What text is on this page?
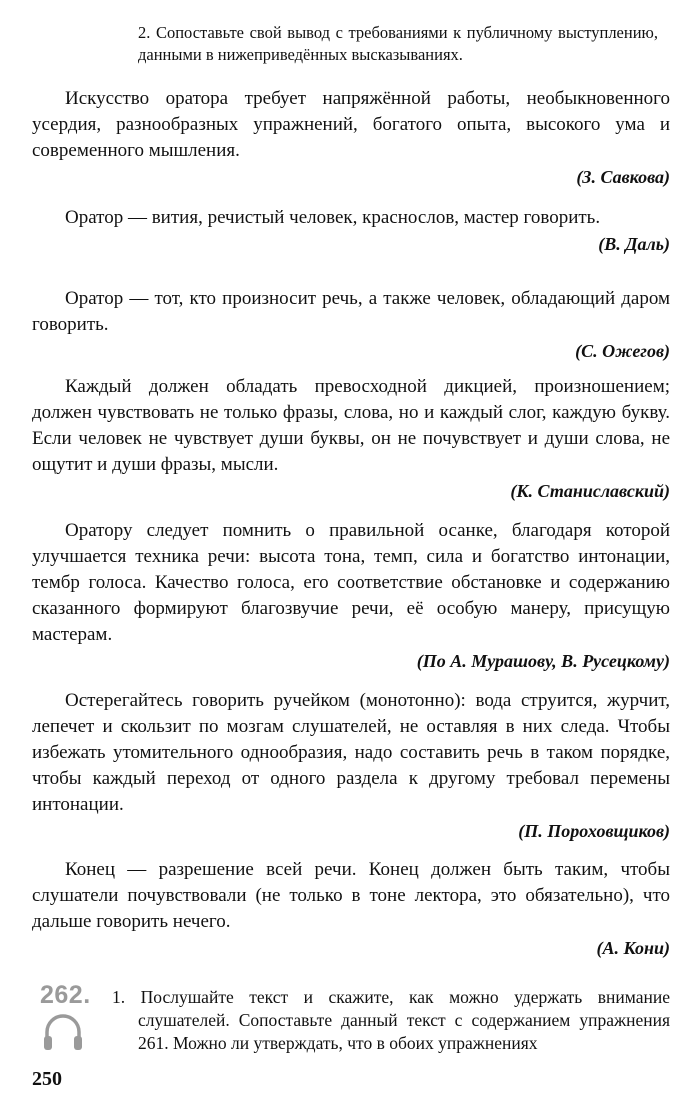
2. Сопоставьте свой вывод с требованиями к публичному выступлению, данными в нижеприведённых высказываниях.
Искусство оратора требует напряжённой работы, необыкновенного усердия, разнообразных упражнений, богатого опыта, высокого ума и современного мышления.
(З. Савкова)
Оратор — вития, речистый человек, краснослов, мастер говорить.
(В. Даль)
Оратор — тот, кто произносит речь, а также человек, обладающий даром говорить.
(С. Ожегов)
Каждый должен обладать превосходной дикцией, произношением; должен чувствовать не только фразы, слова, но и каждый слог, каждую букву. Если человек не чувствует души буквы, он не почувствует и души слова, не ощутит и души фразы, мысли.
(К. Станиславский)
Оратору следует помнить о правильной осанке, благодаря которой улучшается техника речи: высота тона, темп, сила и богатство интонации, тембр голоса. Качество голоса, его соответствие обстановке и содержанию сказанного формируют благозвучие речи, её особую манеру, присущую мастерам.
(По А. Мурашову, В. Русецкому)
Остерегайтесь говорить ручейком (монотонно): вода струится, журчит, лепечет и скользит по мозгам слушателей, не оставляя в них следа. Чтобы избежать утомительного однообразия, надо составить речь в таком порядке, чтобы каждый переход от одного раздела к другому требовал перемены интонации.
(П. Пороховщиков)
Конец — разрешение всей речи. Конец должен быть таким, чтобы слушатели почувствовали (не только в тоне лектора, это обязательно), что дальше говорить нечего.
(А. Кони)
262. 1. Послушайте текст и скажите, как можно удержать внимание слушателей. Сопоставьте данный текст с содержанием упражнения 261. Можно ли утверждать, что в обоих упражнениях
250
